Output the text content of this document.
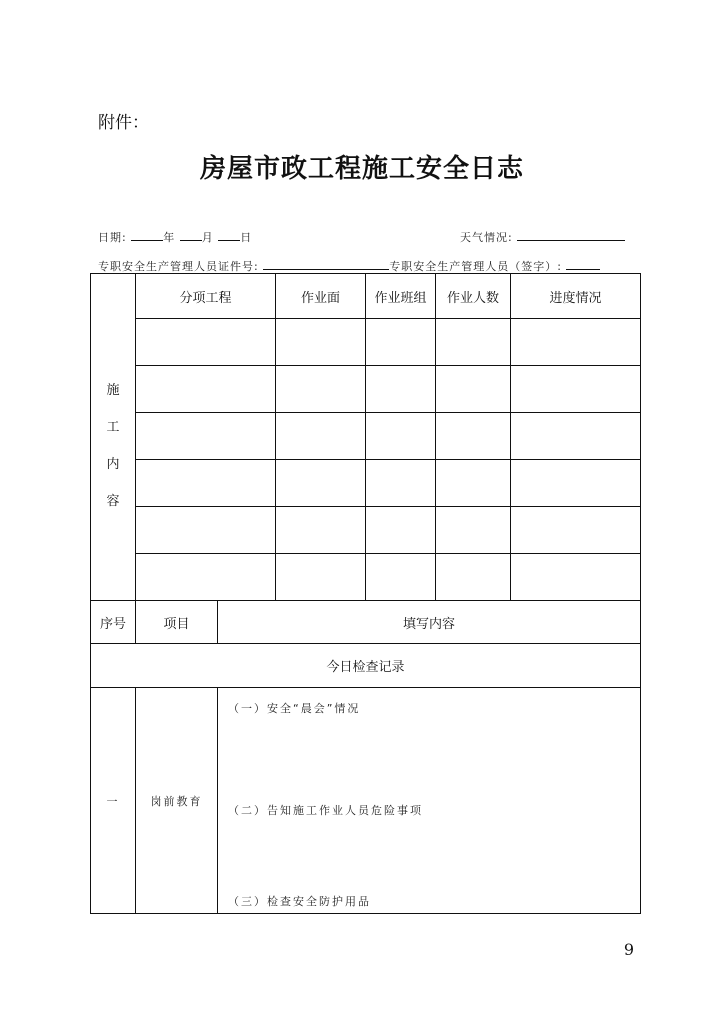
附件：
房屋市政工程施工安全日志
日期:	年 月 日	天气情况:
专职安全生产管理人员证件号:	专职安全生产管理人员（签字）:
施
工
内
容
分项工程	作业面	作业班组	作业人数	进度情况
序号	项目	填写内容
今日检查记录
一	岗前教育
（一）安全“晨会”情况
（二）告知施工作业人员危险事项
（三）检查安全防护用品
9
